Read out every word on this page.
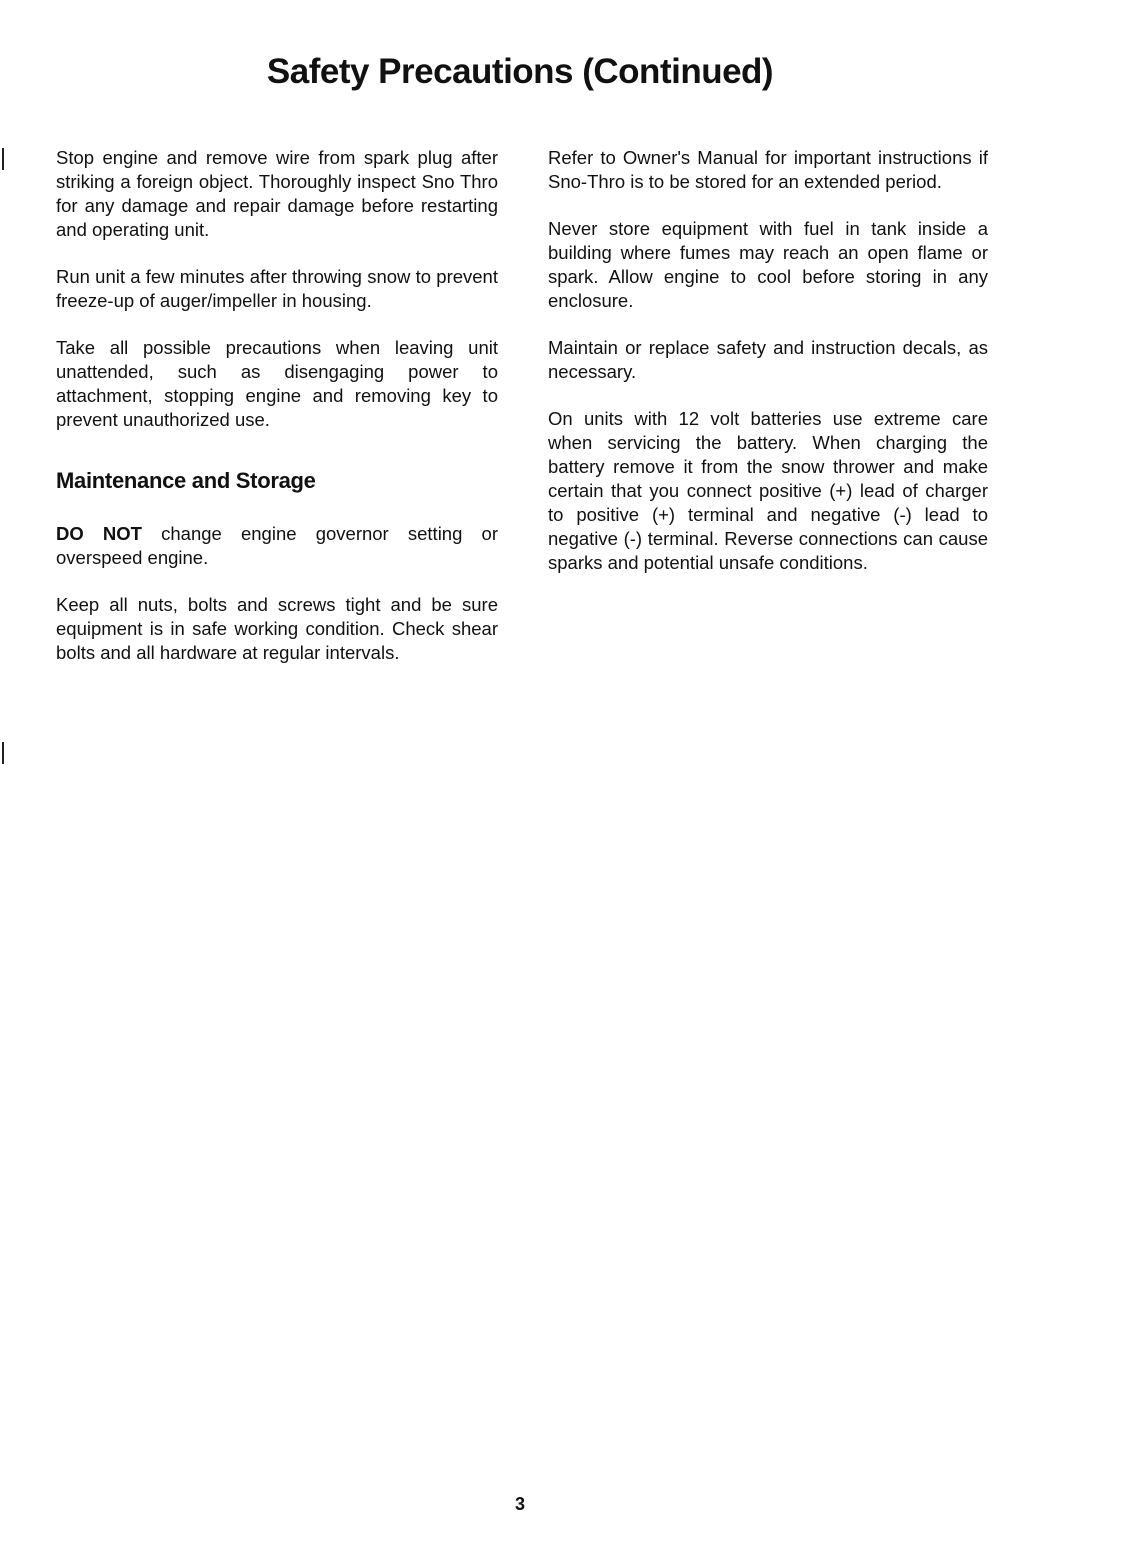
Safety Precautions (Continued)

Stop engine and remove wire from spark plug after striking a foreign object. Thoroughly inspect Sno Thro for any damage and repair damage before restarting and operating unit.

Run unit a few minutes after throwing snow to prevent freeze-up of auger/impeller in housing.

Take all possible precautions when leaving unit unattended, such as disengaging power to attachment, stopping engine and removing key to prevent unauthorized use.

Maintenance and Storage

DO NOT change engine governor setting or overspeed engine.

Keep all nuts, bolts and screws tight and be sure equipment is in safe working condition. Check shear bolts and all hardware at regular intervals.

Refer to Owner's Manual for important instructions if Sno-Thro is to be stored for an extended period.

Never store equipment with fuel in tank inside a building where fumes may reach an open flame or spark. Allow engine to cool before storing in any enclosure.

Maintain or replace safety and instruction decals, as necessary.

On units with 12 volt batteries use extreme care when servicing the battery. When charging the battery remove it from the snow thrower and make certain that you connect positive (+) lead of charger to positive (+) terminal and negative (-) lead to negative (-) terminal. Reverse connections can cause sparks and potential unsafe conditions.

3
